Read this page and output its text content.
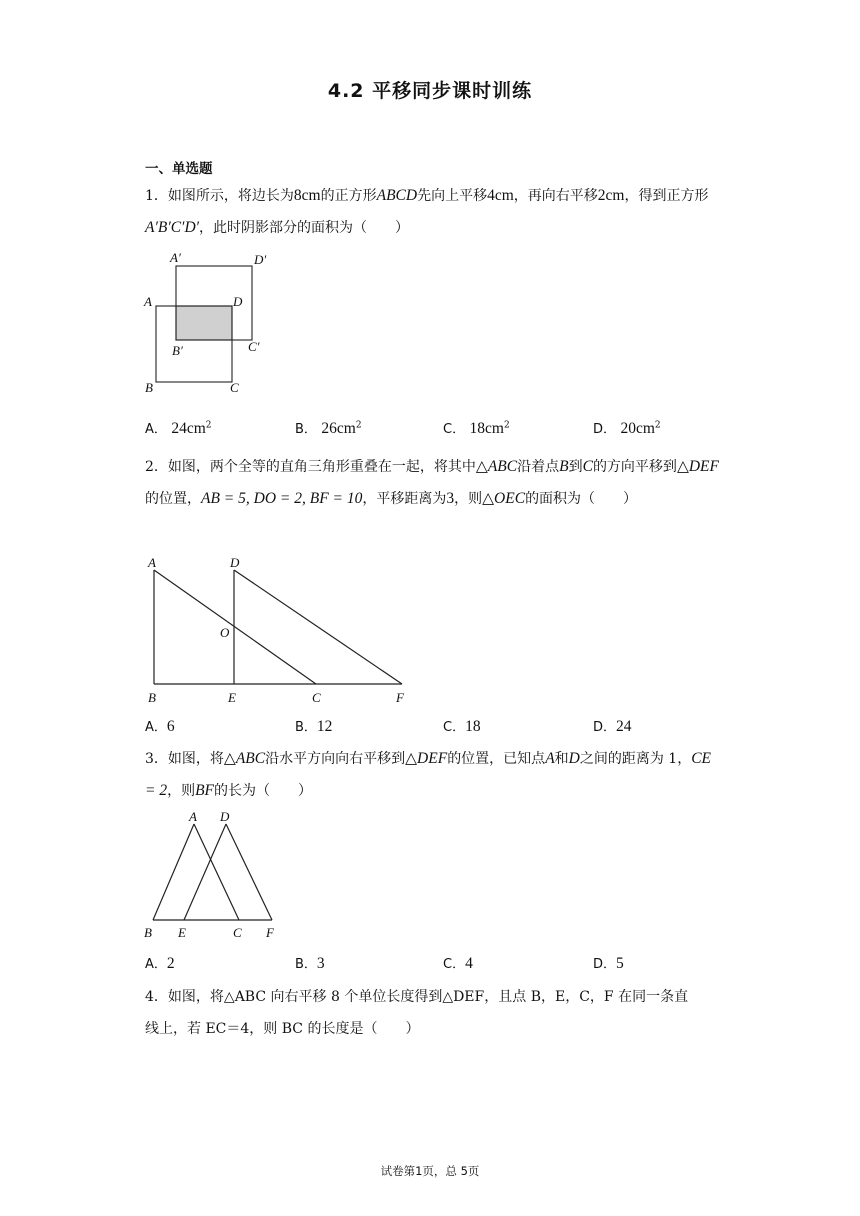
4.2 平移同步课时训练
一、单选题
1．如图所示，将边长为8cm的正方形ABCD先向上平移4cm，再向右平移2cm，得到正方形A′B′C′D′，此时阴影部分的面积为（　　）
A′	D′
A	D
B′	C′
B	C
A． $24cm^2$	B． $26cm^2$	C． $18cm^2$	D． $20cm^2$
2．如图，两个全等的直角三角形重叠在一起，将其中△ABC沿着点B到C的方向平移到△DEF的位置，AB = 5, DO = 2, BF = 10，平移距离为3，则△OEC的面积为（　　）
A	D
O
B	E	C	F
A．6	B．12	C．18	D．24
3．如图，将△ABC沿水平方向向右平移到△DEF的位置，已知点A和D之间的距离为 1，CE = 2，则BF的长为（　　）
A D
B E	C F
A．2	B．3	C．4	D．5
4．如图，将△ABC 向右平移 8 个单位长度得到△DEF，且点 B，E，C，F 在同一条直
线上，若 EC＝4，则 BC 的长度是（　　）
试卷第1页，总 5页
